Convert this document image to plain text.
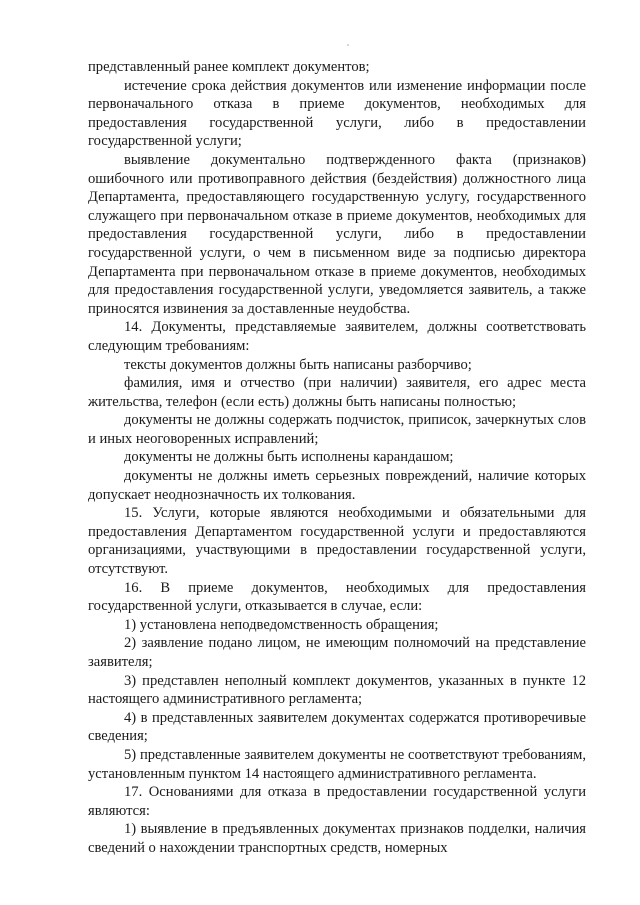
представленный ранее комплект документов;

истечение срока действия документов или изменение информации после первоначального отказа в приеме документов, необходимых для предоставления государственной услуги, либо в предоставлении государственной услуги;

выявление документально подтвержденного факта (признаков) ошибочного или противоправного действия (бездействия) должностного лица Департамента, предоставляющего государственную услугу, государственного служащего при первоначальном отказе в приеме документов, необходимых для предоставления государственной услуги, либо в предоставлении государственной услуги, о чем в письменном виде за подписью директора Департамента при первоначальном отказе в приеме документов, необходимых для предоставления государственной услуги, уведомляется заявитель, а также приносятся извинения за доставленные неудобства.

14. Документы, представляемые заявителем, должны соответствовать следующим требованиям:

тексты документов должны быть написаны разборчиво;

фамилия, имя и отчество (при наличии) заявителя, его адрес места жительства, телефон (если есть) должны быть написаны полностью;

документы не должны содержать подчисток, приписок, зачеркнутых слов и иных неоговоренных исправлений;

документы не должны быть исполнены карандашом;

документы не должны иметь серьезных повреждений, наличие которых допускает неоднозначность их толкования.

15. Услуги, которые являются необходимыми и обязательными для предоставления Департаментом государственной услуги и предоставляются организациями, участвующими в предоставлении государственной услуги, отсутствуют.

16. В приеме документов, необходимых для предоставления государственной услуги, отказывается в случае, если:

1) установлена неподведомственность обращения;

2) заявление подано лицом, не имеющим полномочий на представление заявителя;

3) представлен неполный комплект документов, указанных в пункте 12 настоящего административного регламента;

4) в представленных заявителем документах содержатся противоречивые сведения;

5) представленные заявителем документы не соответствуют требованиям, установленным пунктом 14 настоящего административного регламента.

17. Основаниями для отказа в предоставлении государственной услуги являются:

1) выявление в предъявленных документах признаков подделки, наличия сведений о нахождении транспортных средств, номерных
